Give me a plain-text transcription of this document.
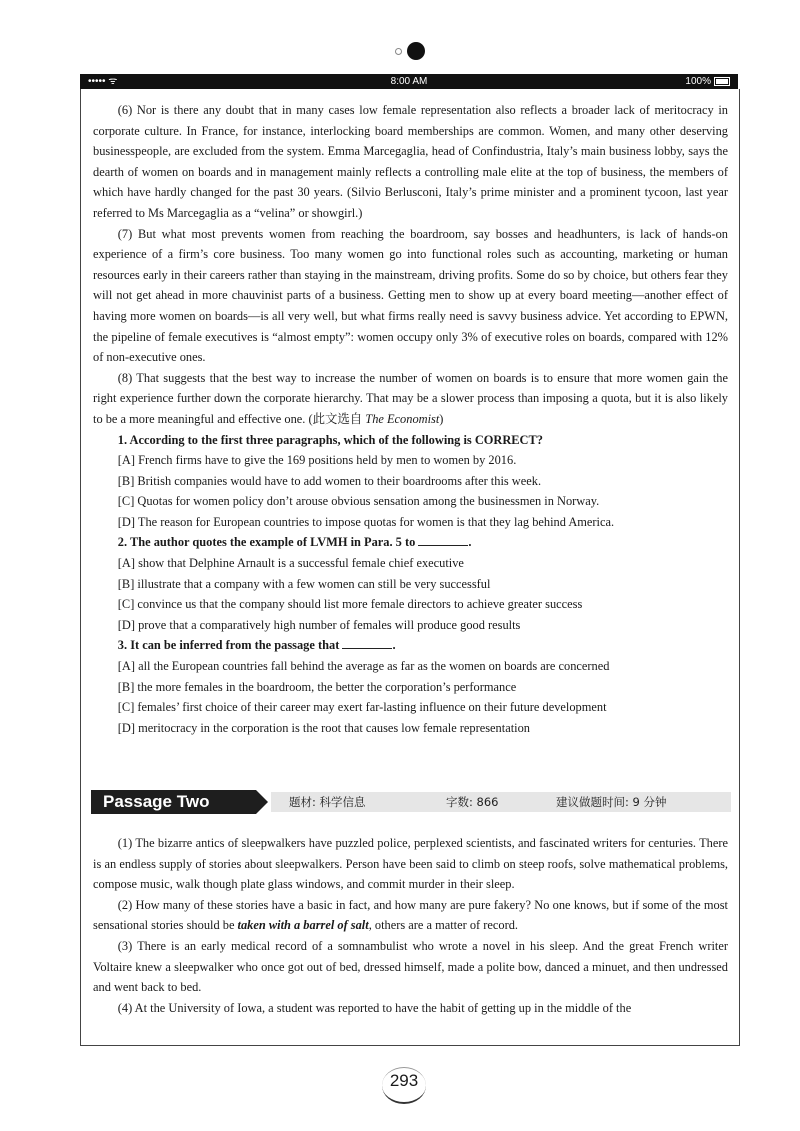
••••• ᯤ	8:00 AM	100%

(6) Nor is there any doubt that in many cases low female representation also reflects a broader lack of meritocracy in corporate culture. In France, for instance, interlocking board memberships are common. Women, and many other deserving businesspeople, are excluded from the system. Emma Marcegaglia, head of Confindustria, Italy’s main business lobby, says the dearth of women on boards and in management mainly reflects a controlling male elite at the top of business, the members of which have hardly changed for the past 30 years. (Silvio Berlusconi, Italy’s prime minister and a prominent tycoon, last year referred to Ms Marcegaglia as a “velina” or showgirl.)

(7) But what most prevents women from reaching the boardroom, say bosses and headhunters, is lack of hands-on experience of a firm’s core business. Too many women go into functional roles such as accounting, marketing or human resources early in their careers rather than staying in the mainstream, driving profits. Some do so by choice, but others fear they will not get ahead in more chauvinist parts of a business. Getting men to show up at every board meeting—another effect of having more women on boards—is all very well, but what firms really need is savvy business advice. Yet according to EPWN, the pipeline of female executives is “almost empty”: women occupy only 3% of executive roles on boards, compared with 12% of non-executive ones.

(8) That suggests that the best way to increase the number of women on boards is to ensure that more women gain the right experience further down the corporate hierarchy. That may be a slower process than imposing a quota, but it is also likely to be a more meaningful and effective one. (此文选自 The Economist)

1. According to the first three paragraphs, which of the following is CORRECT?

[A] French firms have to give the 169 positions held by men to women by 2016.

[B] British companies would have to add women to their boardrooms after this week.

[C] Quotas for women policy don’t arouse obvious sensation among the businessmen in Norway.

[D] The reason for European countries to impose quotas for women is that they lag behind America.

2. The author quotes the example of LVMH in Para. 5 to	.

[A] show that Delphine Arnault is a successful female chief executive

[B] illustrate that a company with a few women can still be very successful

[C] convince us that the company should list more female directors to achieve greater success

[D] prove that a comparatively high number of females will produce good results

3. It can be inferred from the passage that	.

[A] all the European countries fall behind the average as far as the women on boards are concerned

[B] the more females in the boardroom, the better the corporation’s performance

[C] females’ first choice of their career may exert far-lasting influence on their future development

[D] meritocracy in the corporation is the root that causes low female representation

Passage Two	题材: 科学信息	字数: 866	建议做题时间: 9 分钟

(1) The bizarre antics of sleepwalkers have puzzled police, perplexed scientists, and fascinated writers for centuries. There is an endless supply of stories about sleepwalkers. Person have been said to climb on steep roofs, solve mathematical problems, compose music, walk though plate glass windows, and commit murder in their sleep.

(2) How many of these stories have a basic in fact, and how many are pure fakery? No one knows, but if some of the most sensational stories should be taken with a barrel of salt, others are a matter of record.

(3) There is an early medical record of a somnambulist who wrote a novel in his sleep. And the great French writer Voltaire knew a sleepwalker who once got out of bed, dressed himself, made a polite bow, danced a minuet, and then undressed and went back to bed.

(4) At the University of Iowa, a student was reported to have the habit of getting up in the middle of the

293
